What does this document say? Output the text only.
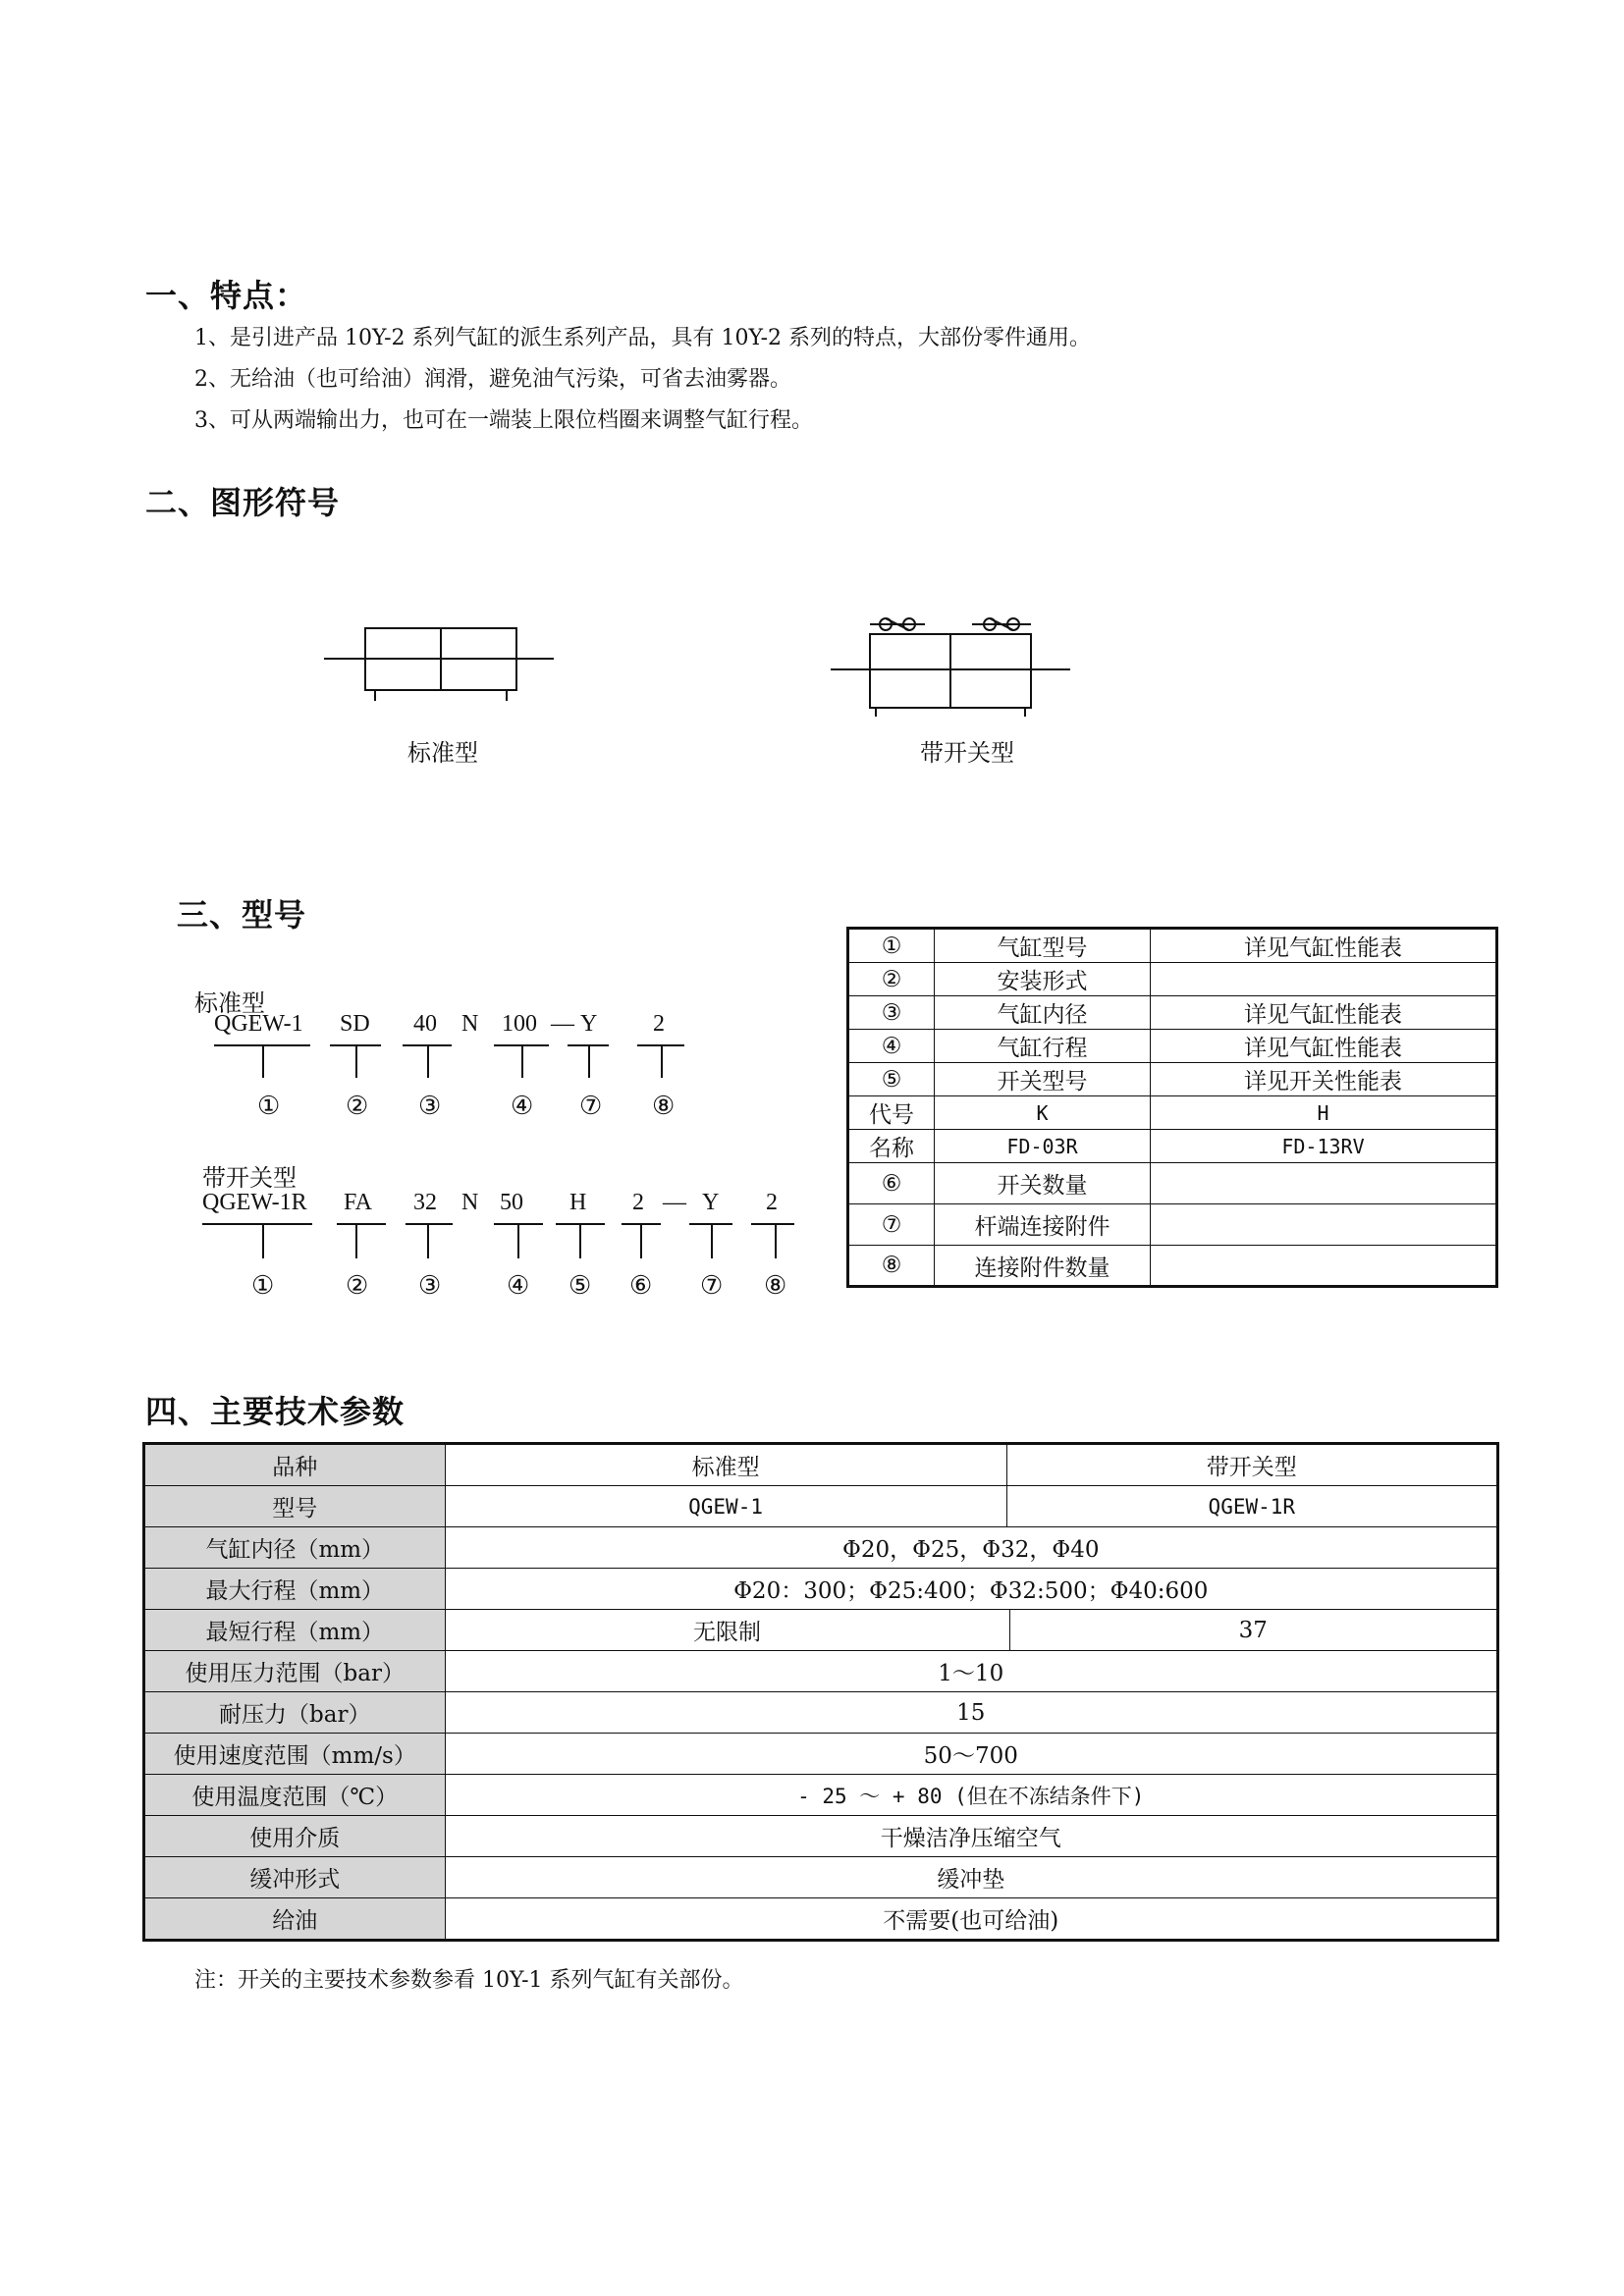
一、特点：
1、是引进产品 10Y-2 系列气缸的派生系列产品，具有 10Y-2 系列的特点，大部份零件通用。
2、无给油（也可给油）润滑，避免油气污染，可省去油雾器。
3、可从两端输出力，也可在一端装上限位档圈来调整气缸行程。
二、图形符号
标准型	带开关型
三、型号
标准型
QGEW-1 SD 40 N 100 — Y 2
①	② ③	④ ⑦ ⑧
带开关型
QGEW-1R FA 32 N 50 H 2 — Y 2
①	② ③	④ ⑤ ⑥ ⑦ ⑧
①	气缸型号	详见气缸性能表
②	安装形式	
③	气缸内径	详见气缸性能表
④	气缸行程	详见气缸性能表
⑤	开关型号	详见开关性能表
代号	K	H
名称	FD-03R	FD-13RV
⑥	开关数量	
⑦	杆端连接附件	
⑧	连接附件数量	
四、主要技术参数
品种	标准型	带开关型
型号	QGEW-1	QGEW-1R
气缸内径（mm）	Φ20，Φ25，Φ32，Φ40	
最大行程（mm）	Φ20：300；Φ25:400；Φ32:500；Φ40:600	
最短行程（mm）	无限制 37	

使用压力范围（bar）	1～10	
耐压力（bar）	15	
使用速度范围（mm/s）	50～700	
使用温度范围（℃）	- 25 ～ + 80 (但在不冻结条件下)	
使用介质	干燥洁净压缩空气	
缓冲形式	缓冲垫	
给油	不需要(也可给油)	
注：开关的主要技术参数参看 10Y-1 系列气缸有关部份。
